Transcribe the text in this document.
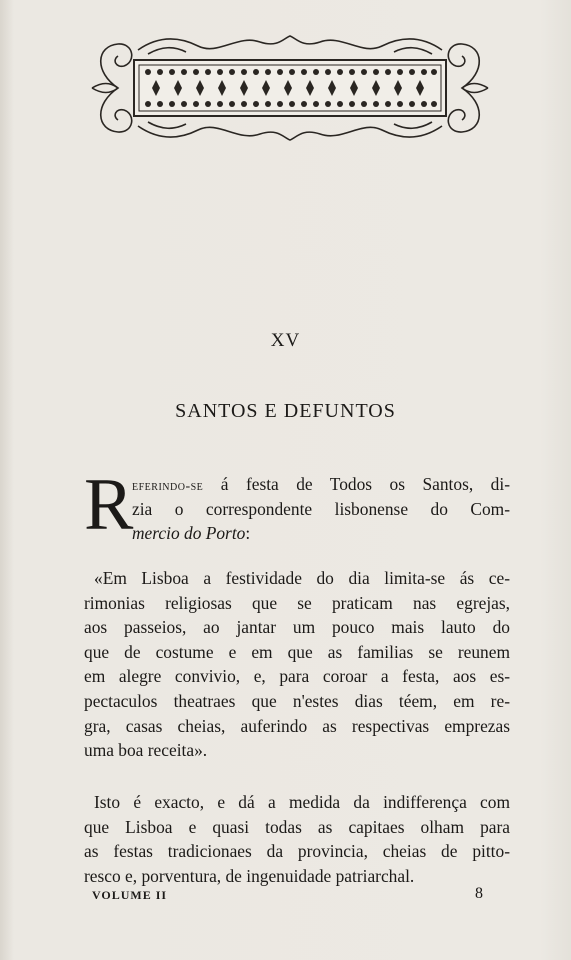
XV
SANTOS E DEFUNTOS
R
eferindo-se á festa de Todos os Santos, di-
zia o correspondente lisbonense do Com-
mercio do Porto:
«Em Lisboa a festividade do dia limita-se ás ce-
rimonias religiosas que se praticam nas egrejas,
aos passeios, ao jantar um pouco mais lauto do
que de costume e em que as familias se reunem
em alegre convivio, e, para coroar a festa, aos es-
pectaculos theatraes que n'estes dias téem, em re-
gra, casas cheias, auferindo as respectivas emprezas
uma boa receita».
Isto é exacto, e dá a medida da indifferença com
que Lisboa e quasi todas as capitaes olham para
as festas tradicionaes da provincia, cheias de pitto-
resco e, porventura, de ingenuidade patriarchal.
VOLUME II	8
